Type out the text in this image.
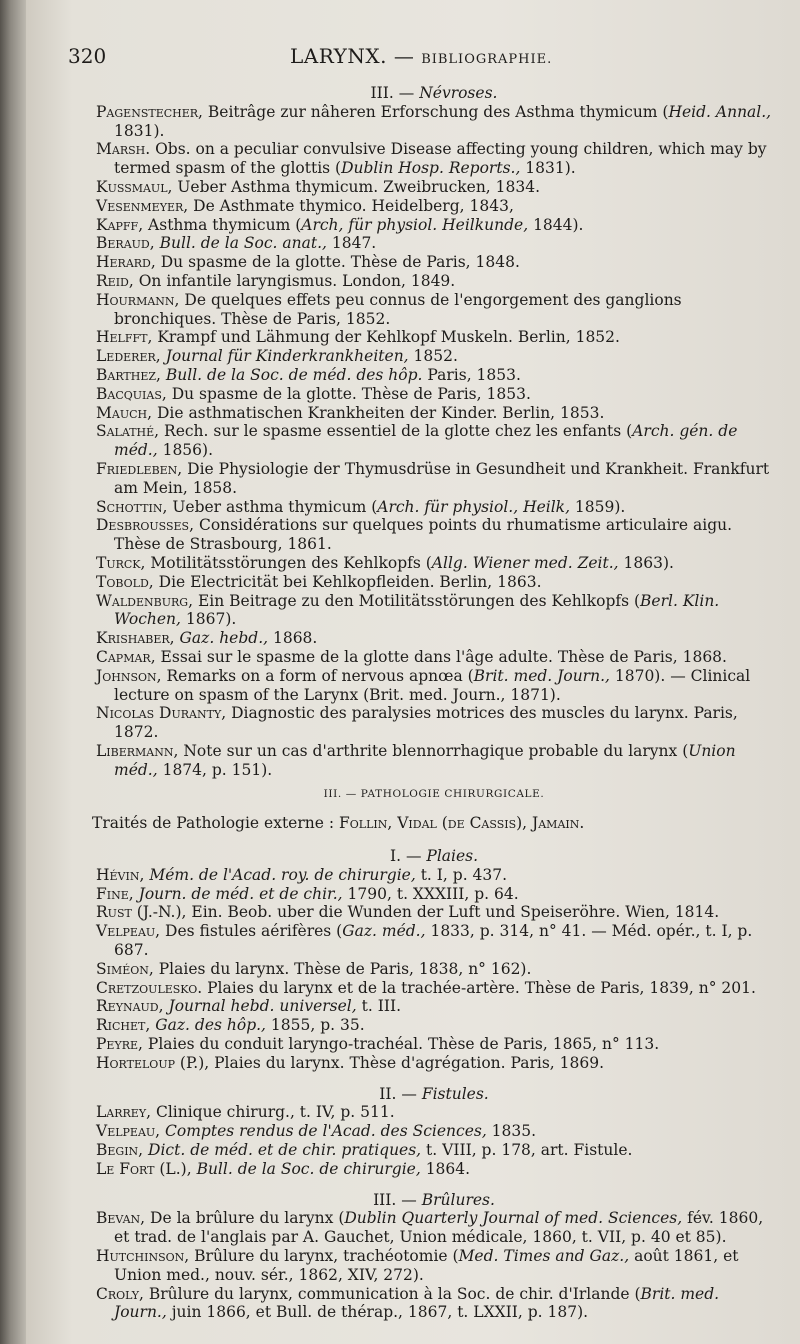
320	LARYNX. — BIBLIOGRAPHIE.
III. — Névroses.
Pagenstecher, Beitrâge zur nâheren Erforschung des Asthma thymicum (Heid. Annal., 1831).
Marsh. Obs. on a peculiar convulsive Disease affecting young children, which may by termed spasm of the glottis (Dublin Hosp. Reports., 1831).
Kussmaul, Ueber Asthma thymicum. Zweibrucken, 1834.
Vesenmeyer, De Asthmate thymico. Heidelberg, 1843,
Kapff, Asthma thymicum (Arch, für physiol. Heilkunde, 1844).
Beraud, Bull. de la Soc. anat., 1847.
Herard, Du spasme de la glotte. Thèse de Paris, 1848.
Reid, On infantile laryngismus. London, 1849.
Hourmann, De quelques effets peu connus de l'engorgement des ganglions bronchiques. Thèse de Paris, 1852.
Helfft, Krampf und Lähmung der Kehlkopf Muskeln. Berlin, 1852.
Lederer, Journal für Kinderkrankheiten, 1852.
Barthez, Bull. de la Soc. de méd. des hôp. Paris, 1853.
Bacquias, Du spasme de la glotte. Thèse de Paris, 1853.
Mauch, Die asthmatischen Krankheiten der Kinder. Berlin, 1853.
Salathé, Rech. sur le spasme essentiel de la glotte chez les enfants (Arch. gén. de méd., 1856).
Friedleben, Die Physiologie der Thymusdrüse in Gesundheit und Krankheit. Frankfurt am Mein, 1858.
Schottin, Ueber asthma thymicum (Arch. für physiol., Heilk, 1859).
Desbrousses, Considérations sur quelques points du rhumatisme articulaire aigu. Thèse de Strasbourg, 1861.
Turck, Motilitätsstörungen des Kehlkopfs (Allg. Wiener med. Zeit., 1863).
Tobold, Die Electricität bei Kehlkopfleiden. Berlin, 1863.
Waldenburg, Ein Beitrage zu den Motilitätsstörungen des Kehlkopfs (Berl. Klin. Wochen, 1867).
Krishaber, Gaz. hebd., 1868.
Capmar, Essai sur le spasme de la glotte dans l'âge adulte. Thèse de Paris, 1868.
Johnson, Remarks on a form of nervous apnœa (Brit. med. Journ., 1870). — Clinical lecture on spasm of the Larynx (Brit. med. Journ., 1871).
Nicolas Duranty, Diagnostic des paralysies motrices des muscles du larynx. Paris, 1872.
Libermann, Note sur un cas d'arthrite blennorrhagique probable du larynx (Union méd., 1874, p. 151).
III. — PATHOLOGIE CHIRURGICALE.
Traités de Pathologie externe : Follin, Vidal (de Cassis), Jamain.
I. — Plaies.
Hévin, Mém. de l'Acad. roy. de chirurgie, t. I, p. 437.
Fine, Journ. de méd. et de chir., 1790, t. XXXIII, p. 64.
Rust (J.-N.), Ein. Beob. uber die Wunden der Luft und Speiseröhre. Wien, 1814.
Velpeau, Des fistules aérifères (Gaz. méd., 1833, p. 314, n° 41. — Méd. opér., t. I, p. 687.
Siméon, Plaies du larynx. Thèse de Paris, 1838, n° 162).
Cretzoulesko. Plaies du larynx et de la trachée-artère. Thèse de Paris, 1839, n° 201.
Reynaud, Journal hebd. universel, t. III.
Richet, Gaz. des hôp., 1855, p. 35.
Peyre, Plaies du conduit laryngo-trachéal. Thèse de Paris, 1865, n° 113.
Horteloup (P.), Plaies du larynx. Thèse d'agrégation. Paris, 1869.
II. — Fistules.
Larrey, Clinique chirurg., t. IV, p. 511.
Velpeau, Comptes rendus de l'Acad. des Sciences, 1835.
Begin, Dict. de méd. et de chir. pratiques, t. VIII, p. 178, art. Fistule.
Le Fort (L.), Bull. de la Soc. de chirurgie, 1864.
III. — Brûlures.
Bevan, De la brûlure du larynx (Dublin Quarterly Journal of med. Sciences, fév. 1860, et trad. de l'anglais par A. Gauchet, Union médicale, 1860, t. VII, p. 40 et 85).
Hutchinson, Brûlure du larynx, trachéotomie (Med. Times and Gaz., août 1861, et Union med., nouv. sér., 1862, XIV, 272).
Croly, Brûlure du larynx, communication à la Soc. de chir. d'Irlande (Brit. med. Journ., juin 1866, et Bull. de thérap., 1867, t. LXXII, p. 187).
